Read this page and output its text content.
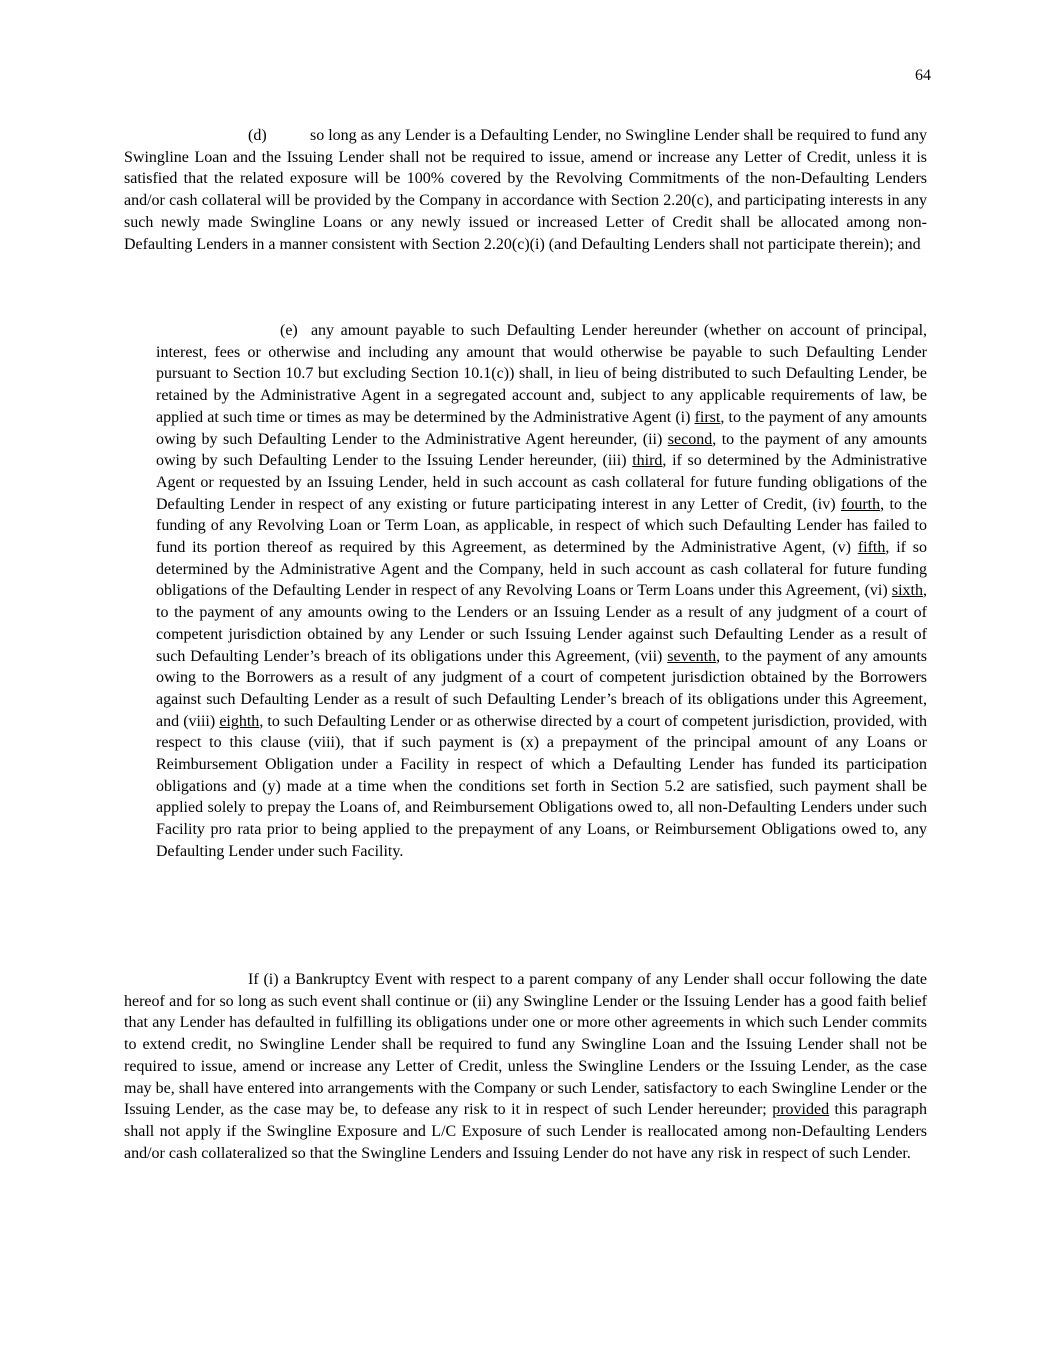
64

(d)	so long as any Lender is a Defaulting Lender, no Swingline Lender shall be required to fund any Swingline Loan and the Issuing Lender shall not be required to issue, amend or increase any Letter of Credit, unless it is satisfied that the related exposure will be 100% covered by the Revolving Commitments of the non-Defaulting Lenders and/or cash collateral will be provided by the Company in accordance with Section 2.20(c), and participating interests in any such newly made Swingline Loans or any newly issued or increased Letter of Credit shall be allocated among non-Defaulting Lenders in a manner consistent with Section 2.20(c)(i) (and Defaulting Lenders shall not participate therein); and

(e) any amount payable to such Defaulting Lender hereunder (whether on account of principal, interest, fees or otherwise and including any amount that would otherwise be payable to such Defaulting Lender pursuant to Section 10.7 but excluding Section 10.1(c)) shall, in lieu of being distributed to such Defaulting Lender, be retained by the Administrative Agent in a segregated account and, subject to any applicable requirements of law, be applied at such time or times as may be determined by the Administrative Agent (i) first, to the payment of any amounts owing by such Defaulting Lender to the Administrative Agent hereunder, (ii) second, to the payment of any amounts owing by such Defaulting Lender to the Issuing Lender hereunder, (iii) third, if so determined by the Administrative Agent or requested by an Issuing Lender, held in such account as cash collateral for future funding obligations of the Defaulting Lender in respect of any existing or future participating interest in any Letter of Credit, (iv) fourth, to the funding of any Revolving Loan or Term Loan, as applicable, in respect of which such Defaulting Lender has failed to fund its portion thereof as required by this Agreement, as determined by the Administrative Agent, (v) fifth, if so determined by the Administrative Agent and the Company, held in such account as cash collateral for future funding obligations of the Defaulting Lender in respect of any Revolving Loans or Term Loans under this Agreement, (vi) sixth, to the payment of any amounts owing to the Lenders or an Issuing Lender as a result of any judgment of a court of competent jurisdiction obtained by any Lender or such Issuing Lender against such Defaulting Lender as a result of such Defaulting Lender’s breach of its obligations under this Agreement, (vii) seventh, to the payment of any amounts owing to the Borrowers as a result of any judgment of a court of competent jurisdiction obtained by the Borrowers against such Defaulting Lender as a result of such Defaulting Lender’s breach of its obligations under this Agreement, and (viii) eighth, to such Defaulting Lender or as otherwise directed by a court of competent jurisdiction, provided, with respect to this clause (viii), that if such payment is (x) a prepayment of the principal amount of any Loans or Reimbursement Obligation under a Facility in respect of which a Defaulting Lender has funded its participation obligations and (y) made at a time when the conditions set forth in Section 5.2 are satisfied, such payment shall be applied solely to prepay the Loans of, and Reimbursement Obligations owed to, all non-Defaulting Lenders under such Facility pro rata prior to being applied to the prepayment of any Loans, or Reimbursement Obligations owed to, any Defaulting Lender under such Facility.

If (i) a Bankruptcy Event with respect to a parent company of any Lender shall occur following the date hereof and for so long as such event shall continue or (ii) any Swingline Lender or the Issuing Lender has a good faith belief that any Lender has defaulted in fulfilling its obligations under one or more other agreements in which such Lender commits to extend credit, no Swingline Lender shall be required to fund any Swingline Loan and the Issuing Lender shall not be required to issue, amend or increase any Letter of Credit, unless the Swingline Lenders or the Issuing Lender, as the case may be, shall have entered into arrangements with the Company or such Lender, satisfactory to each Swingline Lender or the Issuing Lender, as the case may be, to defease any risk to it in respect of such Lender hereunder; provided this paragraph shall not apply if the Swingline Exposure and L/C Exposure of such Lender is reallocated among non-Defaulting Lenders and/or cash collateralized so that the Swingline Lenders and Issuing Lender do not have any risk in respect of such Lender.
